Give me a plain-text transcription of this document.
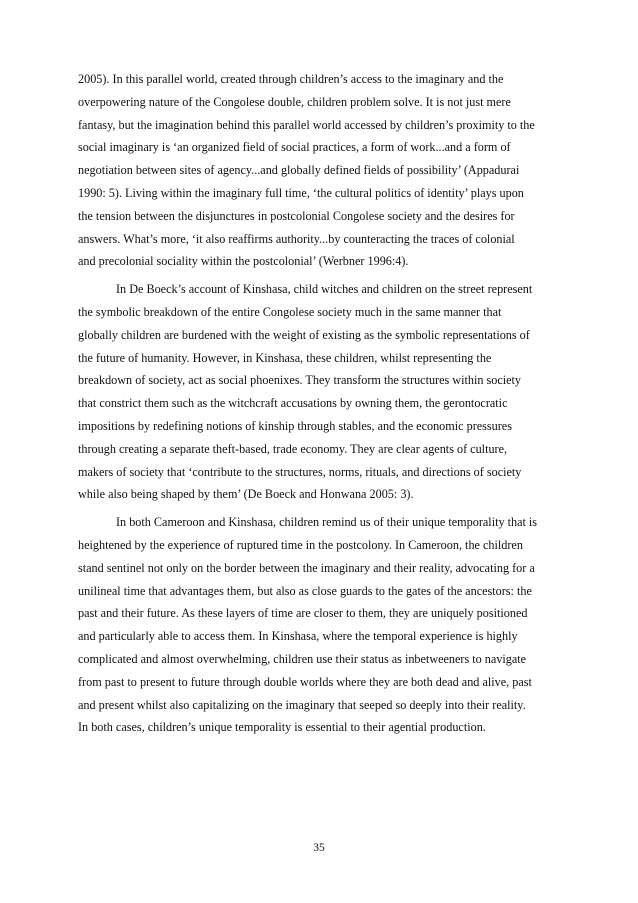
2005). In this parallel world, created through children’s access to the imaginary and the
overpowering nature of the Congolese double, children problem solve. It is not just mere
fantasy, but the imagination behind this parallel world accessed by children’s proximity to the
social imaginary is ‘an organized field of social practices, a form of work...and a form of
negotiation between sites of agency...and globally defined fields of possibility’ (Appadurai
1990: 5). Living within the imaginary full time, ‘the cultural politics of identity’ plays upon
the tension between the disjunctures in postcolonial Congolese society and the desires for
answers. What’s more, ‘it also reaffirms authority...by counteracting the traces of colonial
and precolonial sociality within the postcolonial’ (Werbner 1996:4).
In De Boeck’s account of Kinshasa, child witches and children on the street represent
the symbolic breakdown of the entire Congolese society much in the same manner that
globally children are burdened with the weight of existing as the symbolic representations of
the future of humanity. However, in Kinshasa, these children, whilst representing the
breakdown of society, act as social phoenixes. They transform the structures within society
that constrict them such as the witchcraft accusations by owning them, the gerontocratic
impositions by redefining notions of kinship through stables, and the economic pressures
through creating a separate theft-based, trade economy. They are clear agents of culture,
makers of society that ‘contribute to the structures, norms, rituals, and directions of society
while also being shaped by them’ (De Boeck and Honwana 2005: 3).
In both Cameroon and Kinshasa, children remind us of their unique temporality that is
heightened by the experience of ruptured time in the postcolony. In Cameroon, the children
stand sentinel not only on the border between the imaginary and their reality, advocating for a
unilineal time that advantages them, but also as close guards to the gates of the ancestors: the
past and their future. As these layers of time are closer to them, they are uniquely positioned
and particularly able to access them. In Kinshasa, where the temporal experience is highly
complicated and almost overwhelming, children use their status as inbetweeners to navigate
from past to present to future through double worlds where they are both dead and alive, past
and present whilst also capitalizing on the imaginary that seeped so deeply into their reality.
In both cases, children’s unique temporality is essential to their agential production.
35
